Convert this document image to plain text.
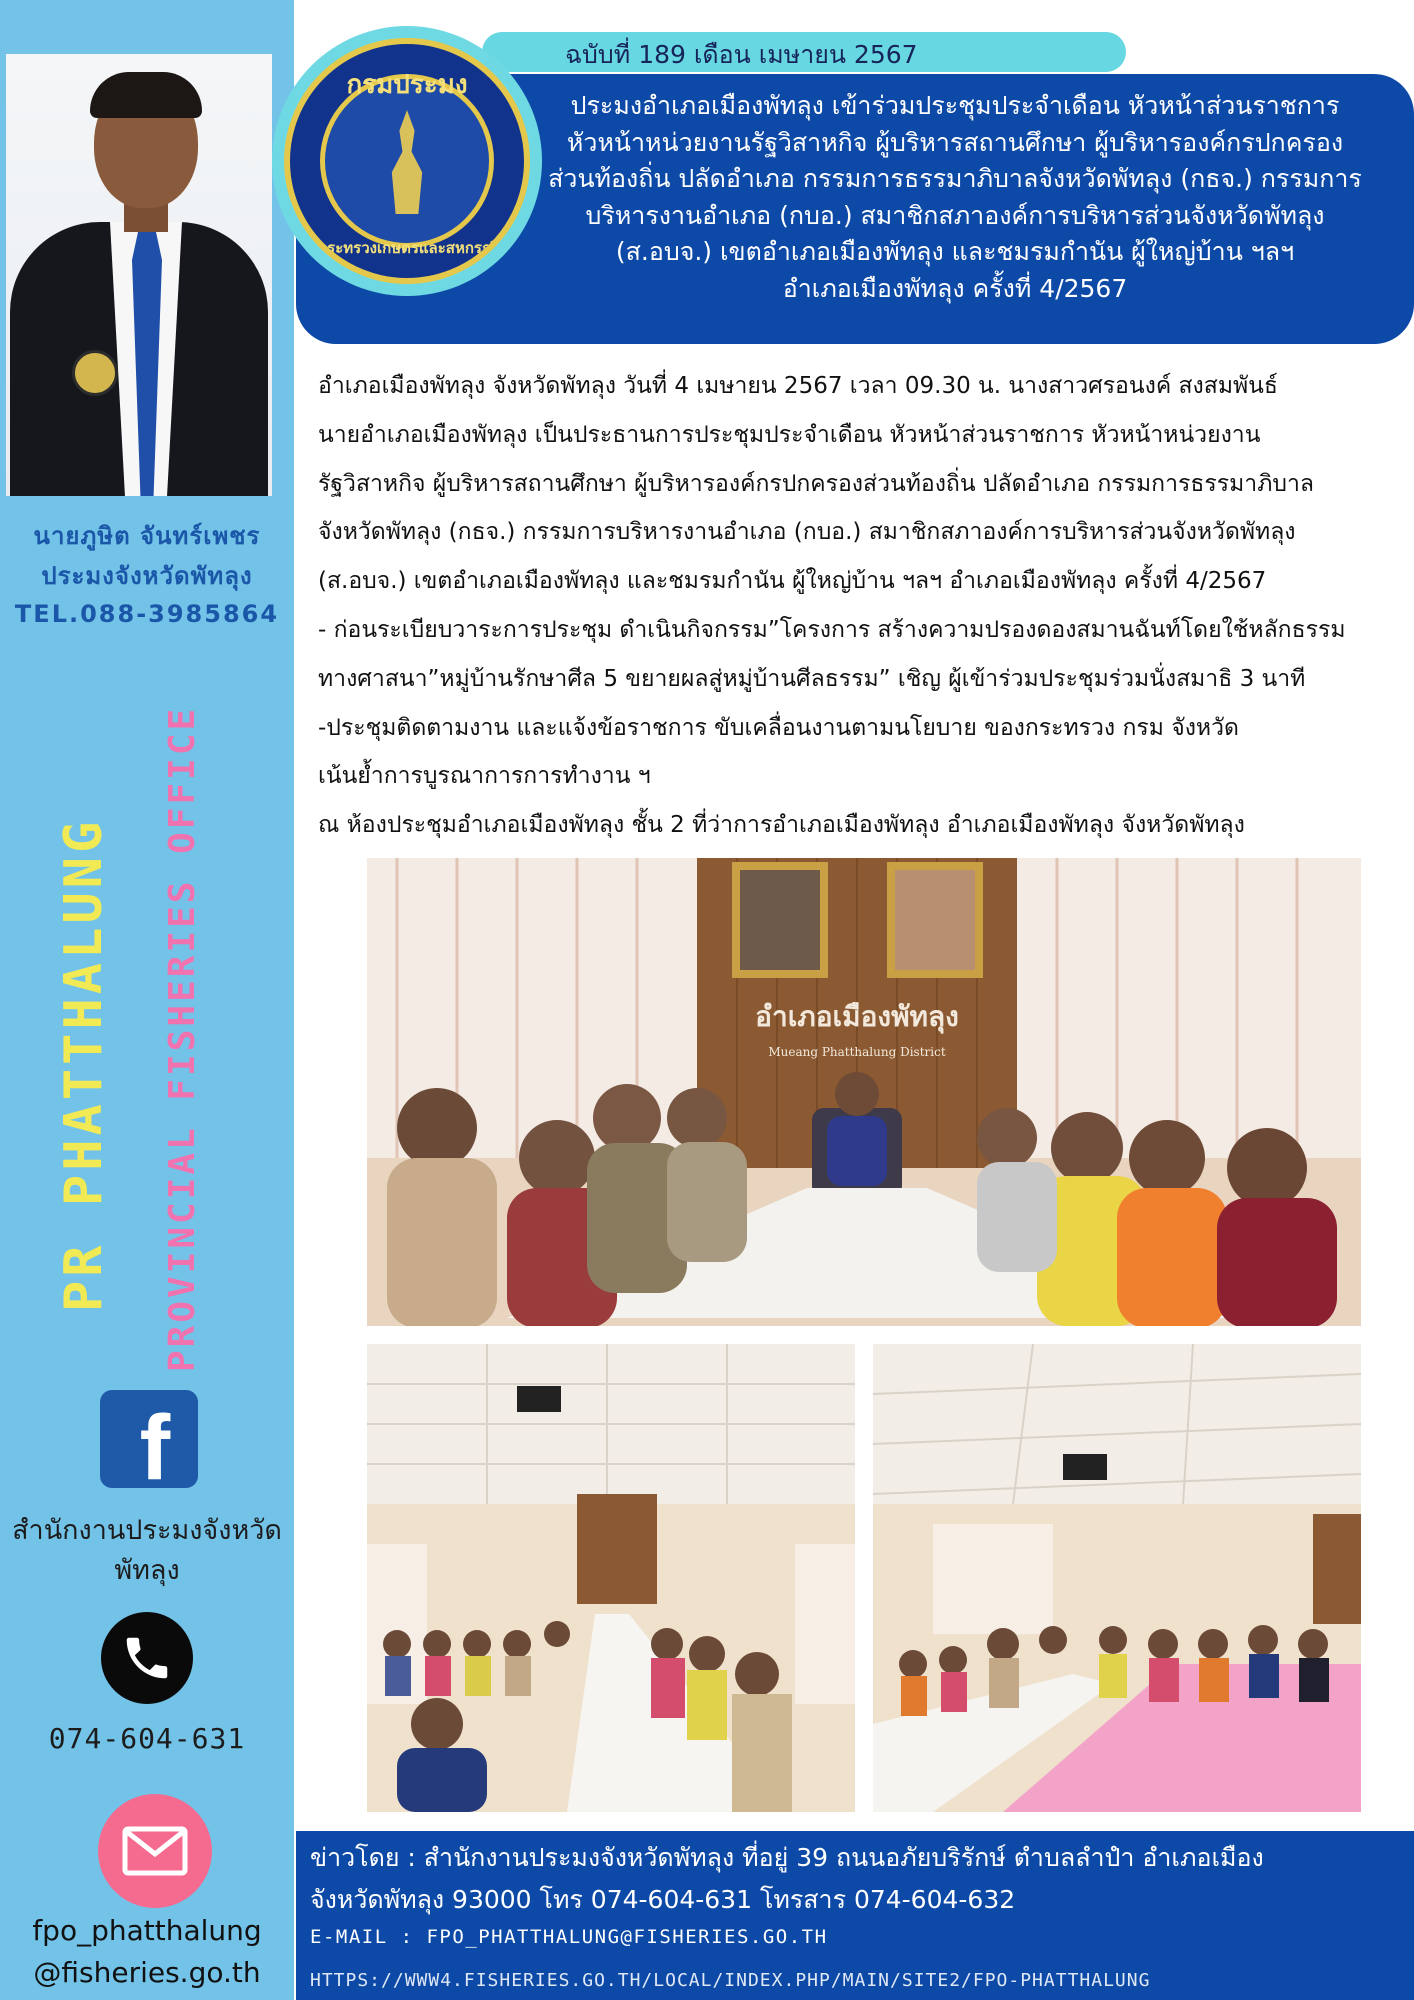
นายภูษิต จันทร์เพชร
ประมงจังหวัดพัทลุง
TEL.088-3985864
PR PHATTHALUNG PROVINCIAL FISHERIES OFFICE
f
สำนักงานประมงจังหวัด
พัทลุง
074-604-631
fpo_phatthalung
@fisheries.go.th
ฉบับที่ 189 เดือน เมษายน 2567
กรมประมง
กระทรวงเกษตรและสหกรณ์
ประมงอำเภอเมืองพัทลุง เข้าร่วมประชุมประจำเดือน หัวหน้าส่วนราชการ
หัวหน้าหน่วยงานรัฐวิสาหกิจ ผู้บริหารสถานศึกษา ผู้บริหารองค์กรปกครอง
ส่วนท้องถิ่น ปลัดอำเภอ กรรมการธรรมาภิบาลจังหวัดพัทลุง (กธจ.) กรรมการ
บริหารงานอำเภอ (กบอ.) สมาชิกสภาองค์การบริหารส่วนจังหวัดพัทลุง
(ส.อบจ.) เขตอำเภอเมืองพัทลุง และชมรมกำนัน ผู้ใหญ่บ้าน ฯลฯ
อำเภอเมืองพัทลุง ครั้งที่ 4/2567
อำเภอเมืองพัทลุง จังหวัดพัทลุง วันที่ 4 เมษายน 2567 เวลา 09.30 น. นางสาวศรอนงค์ สงสมพันธ์
นายอำเภอเมืองพัทลุง เป็นประธานการประชุมประจำเดือน หัวหน้าส่วนราชการ หัวหน้าหน่วยงาน
รัฐวิสาหกิจ ผู้บริหารสถานศึกษา ผู้บริหารองค์กรปกครองส่วนท้องถิ่น ปลัดอำเภอ กรรมการธรรมาภิบาล
จังหวัดพัทลุง (กธจ.) กรรมการบริหารงานอำเภอ (กบอ.) สมาชิกสภาองค์การบริหารส่วนจังหวัดพัทลุง
(ส.อบจ.) เขตอำเภอเมืองพัทลุง และชมรมกำนัน ผู้ใหญ่บ้าน ฯลฯ อำเภอเมืองพัทลุง ครั้งที่ 4/2567
- ก่อนระเบียบวาระการประชุม ดำเนินกิจกรรม”โครงการ สร้างความปรองดองสมานฉันท์โดยใช้หลักธรรม
ทางศาสนา”หมู่บ้านรักษาศีล 5 ขยายผลสู่หมู่บ้านศีลธรรม” เชิญ ผู้เข้าร่วมประชุมร่วมนั่งสมาธิ 3 นาที
-ประชุมติดตามงาน และแจ้งข้อราชการ ขับเคลื่อนงานตามนโยบาย ของกระทรวง กรม จังหวัด
เน้นย้ำการบูรณาการการทำงาน ฯ
ณ ห้องประชุมอำเภอเมืองพัทลุง ชั้น 2 ที่ว่าการอำเภอเมืองพัทลุง อำเภอเมืองพัทลุง จังหวัดพัทลุง
อำเภอเมืองพัทลุง
Mueang Phatthalung District
ข่าวโดย : สำนักงานประมงจังหวัดพัทลุง ที่อยู่ 39 ถนนอภัยบริรักษ์ ตำบลลำปำ อำเภอเมือง
จังหวัดพัทลุง 93000 โทร 074-604-631 โทรสาร 074-604-632
E-MAIL : FPO_PHATTHALUNG@FISHERIES.GO.TH
HTTPS://WWW4.FISHERIES.GO.TH/LOCAL/INDEX.PHP/MAIN/SITE2/FPO-PHATTHALUNG
